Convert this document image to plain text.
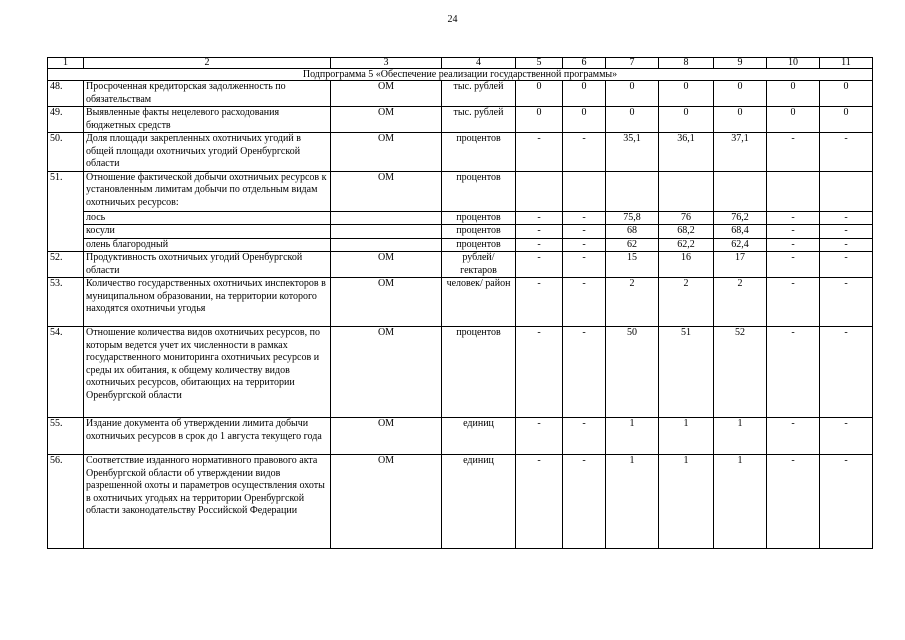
24
1	2	3	4	5	6	7	8	9	10	11
Подпрограмма 5 «Обеспечение реализации государственной программы»										
48.	Просроченная кредиторская задолженность по обязательствам	ОМ	тыс. рублей	0	0	0	0	0	0	0
49.	Выявленные факты нецелевого расходования бюджетных средств	ОМ	тыс. рублей	0	0	0	0	0	0	0
50.	Доля площади закрепленных охотничьих угодий в общей площади охотничьих угодий Оренбургской области	ОМ	процентов	-	-	35,1	36,1	37,1	-	-
51.	Отношение фактической добычи охотничьих ресурсов к установленным лимитам добычи по отдельным видам охотничьих ресурсов:	ОМ	процентов							
	лось		процентов	-	-	75,8	76	76,2	-	-
	косули		процентов	-	-	68	68,2	68,4	-	-
	олень благородный		процентов	-	-	62	62,2	62,4	-	-
52.	Продуктивность охотничьих угодий Оренбургской области	ОМ	рублей/ гектаров	-	-	15	16	17	-	-
53.	Количество государственных охотничьих инспекторов в муниципальном образовании, на территории которого находятся охотничьи угодья	ОМ	человек/ район	-	-	2	2	2	-	-
54.	Отношение количества видов охотничьих ресурсов, по которым ведется учет их численности в рамках государственного мониторинга охотничьих ресурсов и среды их обитания, к общему количеству видов охотничьих ресурсов, обитающих на территории Оренбургской области	ОМ	процентов	-	-	50	51	52	-	-
55.	Издание документа об утверждении лимита добычи охотничьих ресурсов в срок до 1 августа текущего года	ОМ	единиц	-	-	1	1	1	-	-
56.	Соответствие изданного нормативного правового акта Оренбургской области об утверждении видов разрешенной охоты и параметров осуществления охоты в охотничьих угодьях на территории Оренбургской области законодательству Российской Федерации	ОМ	единиц	-	-	1	1	1	-	-
